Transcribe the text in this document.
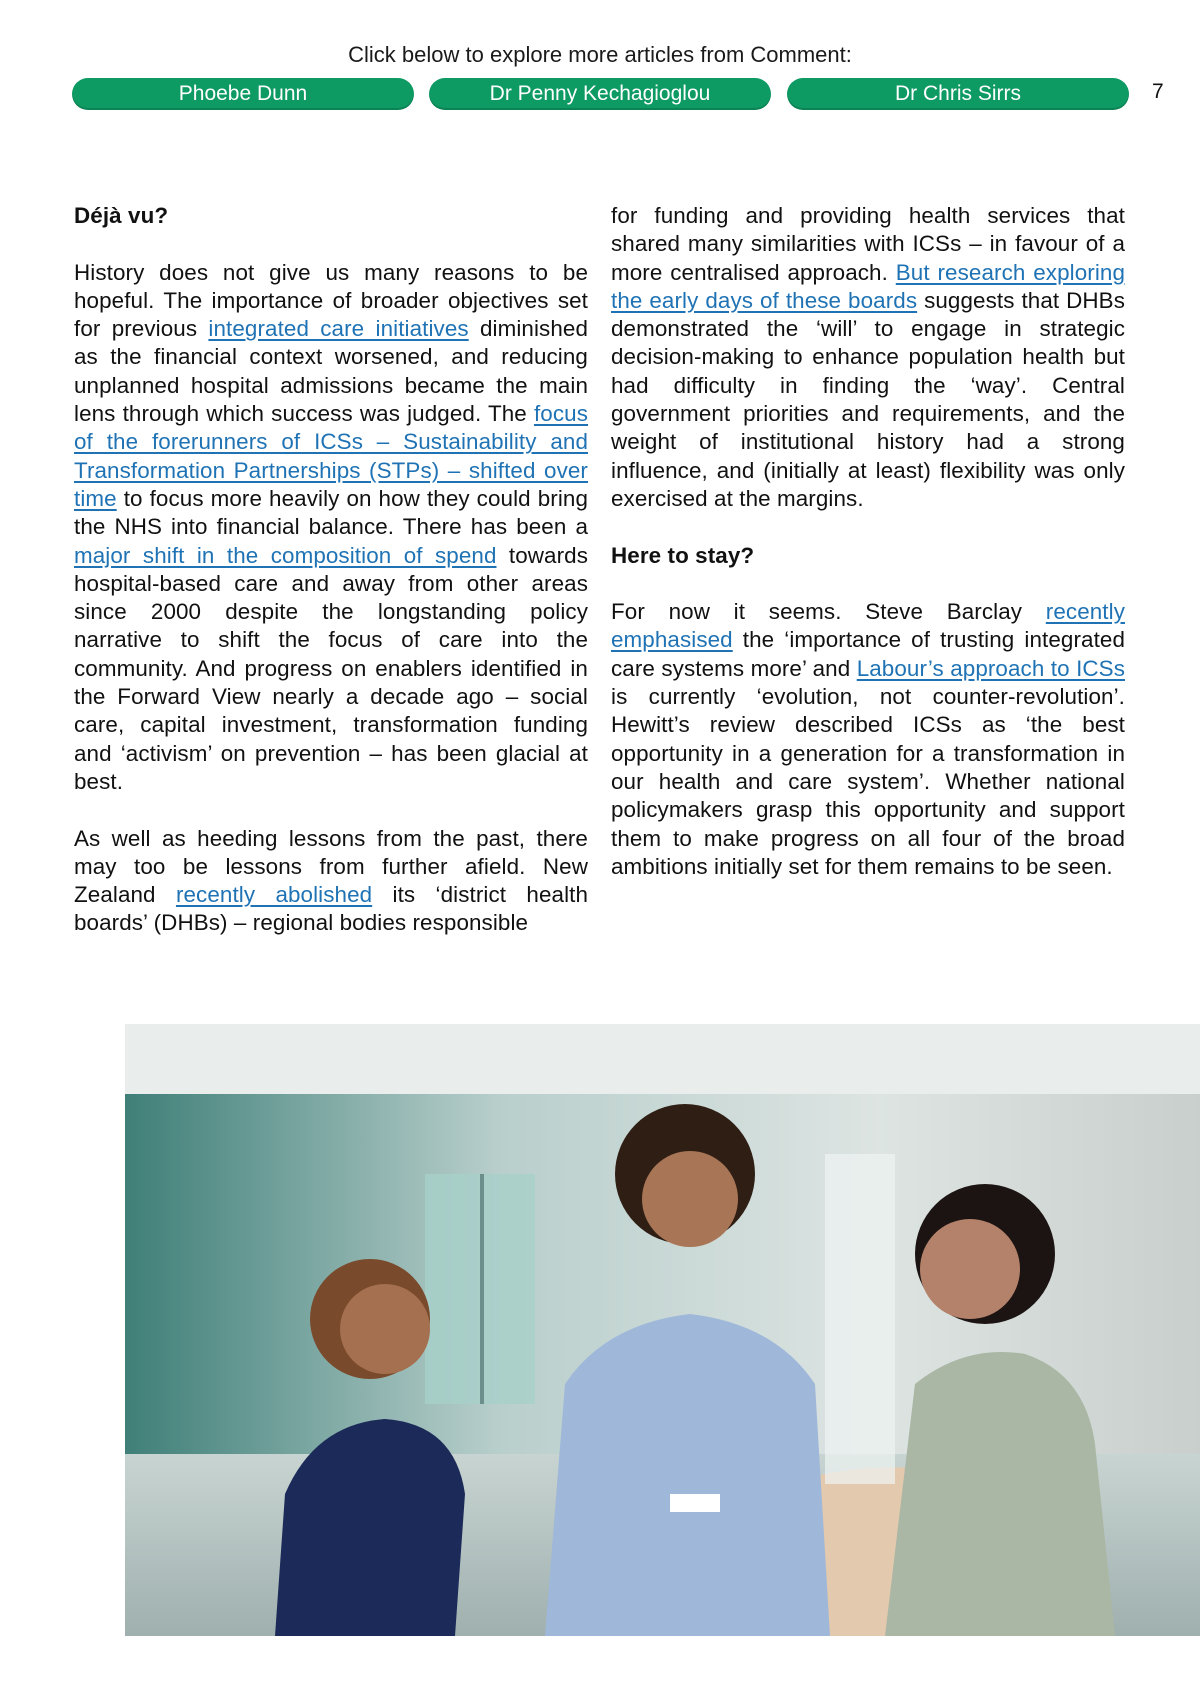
Click below to explore more articles from Comment:
Phoebe Dunn	Dr Penny Kechagioglou	Dr Chris Sirrs	7

Déjà vu?

History does not give us many reasons to be hopeful. The importance of broader objectives set for previous integrated care initiatives diminished as the financial context worsened, and reducing unplanned hospital admissions became the main lens through which success was judged. The focus of the forerunners of ICSs – Sustainability and Transformation Partnerships (STPs) – shifted over time to focus more heavily on how they could bring the NHS into financial balance. There has been a major shift in the composition of spend towards hospital-based care and away from other areas since 2000 despite the longstanding policy narrative to shift the focus of care into the community. And progress on enablers identified in the Forward View nearly a decade ago – social care, capital investment, transformation funding and ‘activism’ on prevention – has been glacial at best.

As well as heeding lessons from the past, there may too be lessons from further afield. New Zealand recently abolished its ‘district health boards’ (DHBs) – regional bodies responsible

for funding and providing health services that shared many similarities with ICSs – in favour of a more centralised approach. But research exploring the early days of these boards suggests that DHBs demonstrated the ‘will’ to engage in strategic decision-making to enhance population health but had difficulty in finding the ‘way’. Central government priorities and requirements, and the weight of institutional history had a strong influence, and (initially at least) flexibility was only exercised at the margins.

Here to stay?

For now it seems. Steve Barclay recently emphasised the ‘importance of trusting integrated care systems more’ and Labour’s approach to ICSs is currently ‘evolution, not counter-revolution’. Hewitt’s review described ICSs as ‘the best opportunity in a generation for a transformation in our health and care system’. Whether national policymakers grasp this opportunity and support them to make progress on all four of the broad ambitions initially set for them remains to be seen.
